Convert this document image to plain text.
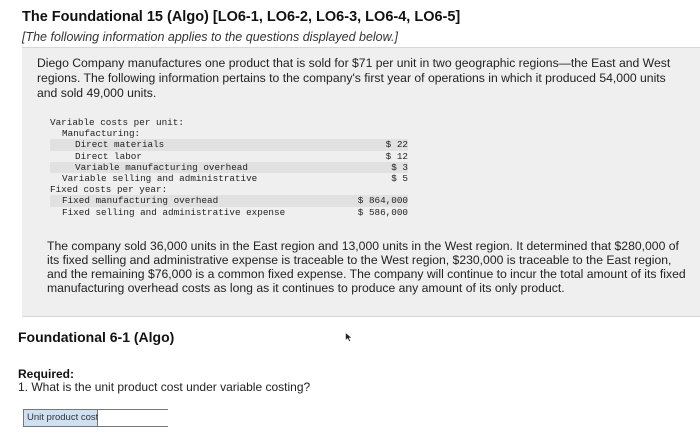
The Foundational 15 (Algo) [LO6-1, LO6-2, LO6-3, LO6-4, LO6-5]
[The following information applies to the questions displayed below.]
Diego Company manufactures one product that is sold for $71 per unit in two geographic regions—the East and West regions. The following information pertains to the company's first year of operations in which it produced 54,000 units and sold 49,000 units.
Variable costs per unit:
Manufacturing:
Direct materials	$ 22
Direct labor	$ 12
Variable manufacturing overhead	$ 3
Variable selling and administrative	$ 5
Fixed costs per year:
Fixed manufacturing overhead	$ 864,000
Fixed selling and administrative expense	$ 586,000
The company sold 36,000 units in the East region and 13,000 units in the West region. It determined that $280,000 of its fixed selling and administrative expense is traceable to the West region, $230,000 is traceable to the East region, and the remaining $76,000 is a common fixed expense. The company will continue to incur the total amount of its fixed manufacturing overhead costs as long as it continues to produce any amount of its only product.
Foundational 6-1 (Algo)
Required:
1. What is the unit product cost under variable costing?
Unit product cost
